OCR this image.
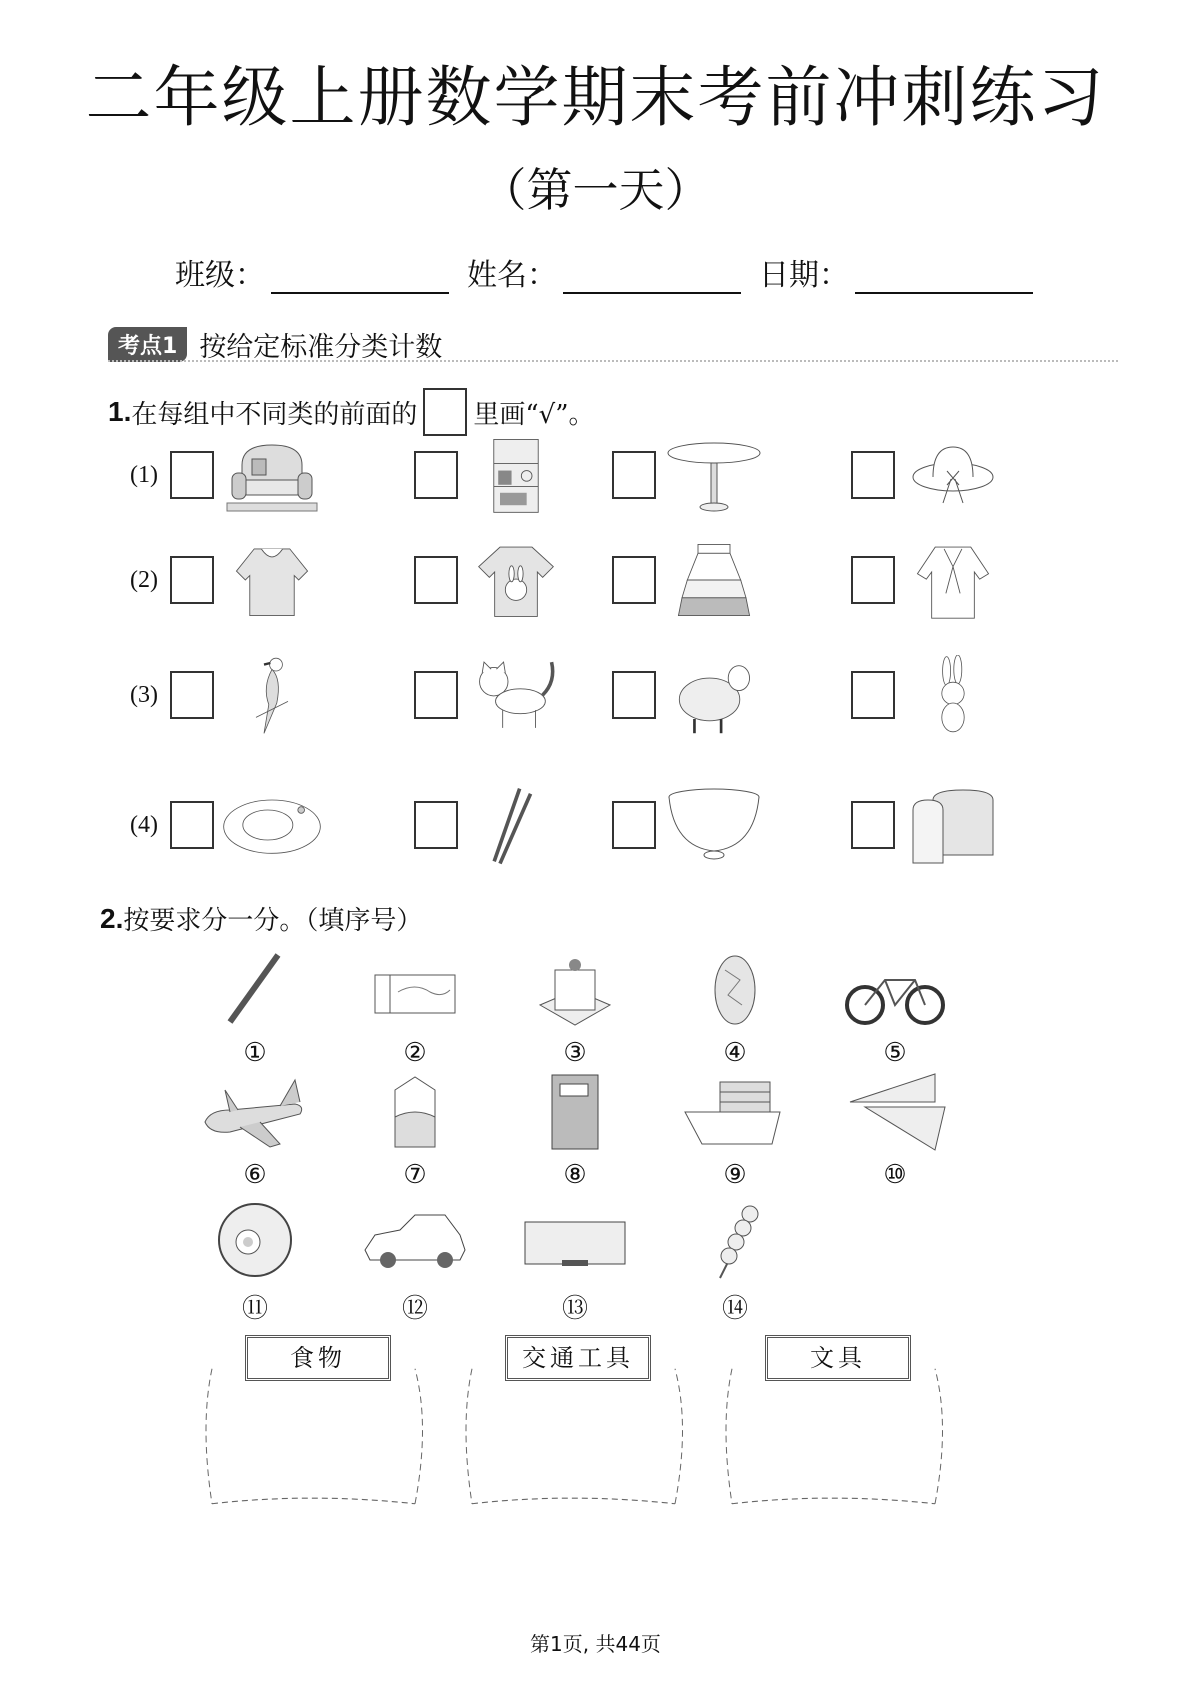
二年级上册数学期末考前冲刺练习
（第一天）
班级：	姓名：	日期：
考点1 按给定标准分类计数
1. 在每组中不同类的前面的 里画“√”。
(1)
(2)
(3)
(4)
2. 按要求分一分。（填序号）
①	②	③	④	⑤
⑥	⑦	⑧	⑨	⑩
⑪	⑫	⑬	⑭
食物	交通工具	文具
第1页, 共44页
